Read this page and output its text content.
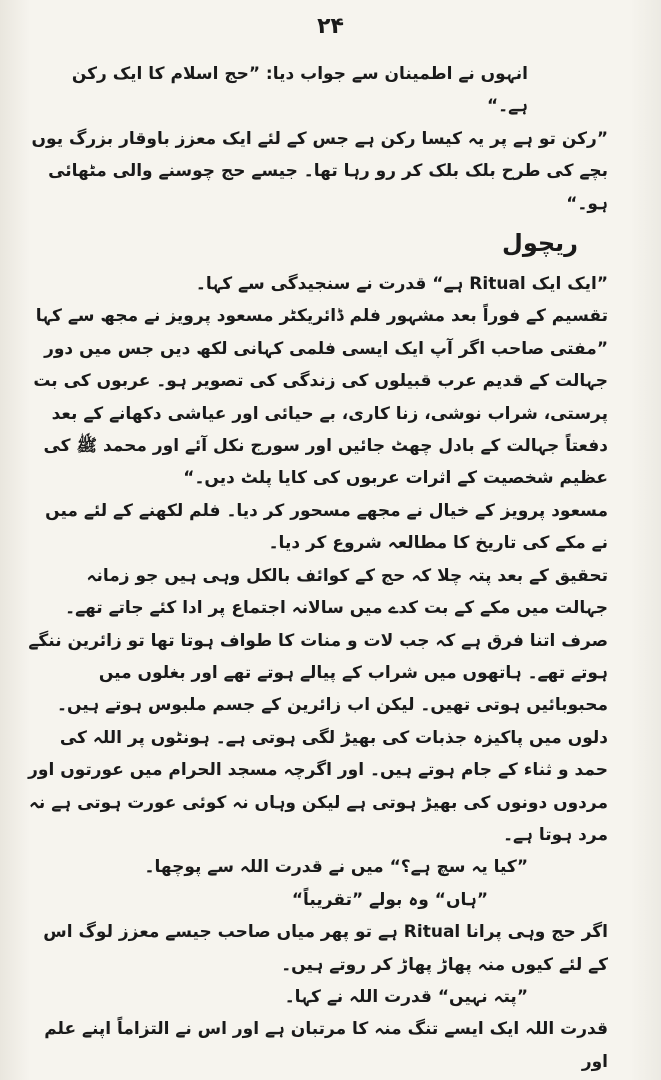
۲۴

انہوں نے اطمینان سے جواب دیا: ”حج اسلام کا ایک رکن ہے۔“

”رکن تو ہے پر یہ کیسا رکن ہے جس کے لئے ایک معزز باوقار بزرگ یوں بچے کی طرح بلک بلک کر رو رہا تھا۔ جیسے حج چوسنے والی مٹھائی ہو۔“

ریچول

”ایک ایک Ritual ہے“ قدرت نے سنجیدگی سے کہا۔

تقسیم کے فوراً بعد مشہور فلم ڈائریکٹر مسعود پرویز نے مجھ سے کہا ”مفتی صاحب اگر آپ ایک ایسی فلمی کہانی لکھ دیں جس میں دور جہالت کے قدیم عرب قبیلوں کی زندگی کی تصویر ہو۔ عربوں کی بت پرستی، شراب نوشی، زنا کاری، بے حیائی اور عیاشی دکھانے کے بعد دفعتاً جہالت کے بادل چھٹ جائیں اور سورج نکل آئے اور محمد ﷺ کی عظیم شخصیت کے اثرات عربوں کی کایا پلٹ دیں۔“

مسعود پرویز کے خیال نے مجھے مسحور کر دیا۔ فلم لکھنے کے لئے میں نے مکے کی تاریخ کا مطالعہ شروع کر دیا۔

تحقیق کے بعد پتہ چلا کہ حج کے کوائف بالکل وہی ہیں جو زمانہ جہالت میں مکے کے بت کدے میں سالانہ اجتماع پر ادا کئے جاتے تھے۔ صرف اتنا فرق ہے کہ جب لات و منات کا طواف ہوتا تھا تو زائرین ننگے ہوتے تھے۔ ہاتھوں میں شراب کے پیالے ہوتے تھے اور بغلوں میں محبوبائیں ہوتی تھیں۔ لیکن اب زائرین کے جسم ملبوس ہوتے ہیں۔ دلوں میں پاکیزہ جذبات کی بھیڑ لگی ہوتی ہے۔ ہونٹوں پر اللہ کی حمد و ثناء کے جام ہوتے ہیں۔ اور اگرچہ مسجد الحرام میں عورتوں اور مردوں دونوں کی بھیڑ ہوتی ہے لیکن وہاں نہ کوئی عورت ہوتی ہے نہ مرد ہوتا ہے۔

”کیا یہ سچ ہے؟“ میں نے قدرت اللہ سے پوچھا۔

”ہاں“ وہ بولے ”تقریباً“

اگر حج وہی پرانا Ritual ہے تو پھر میاں صاحب جیسے معزز لوگ اس کے لئے کیوں منہ پھاڑ پھاڑ کر روتے ہیں۔

”پتہ نہیں“ قدرت اللہ نے کہا۔

قدرت اللہ ایک ایسے تنگ منہ کا مرتبان ہے اور اس نے التزاماً اپنے علم اور
